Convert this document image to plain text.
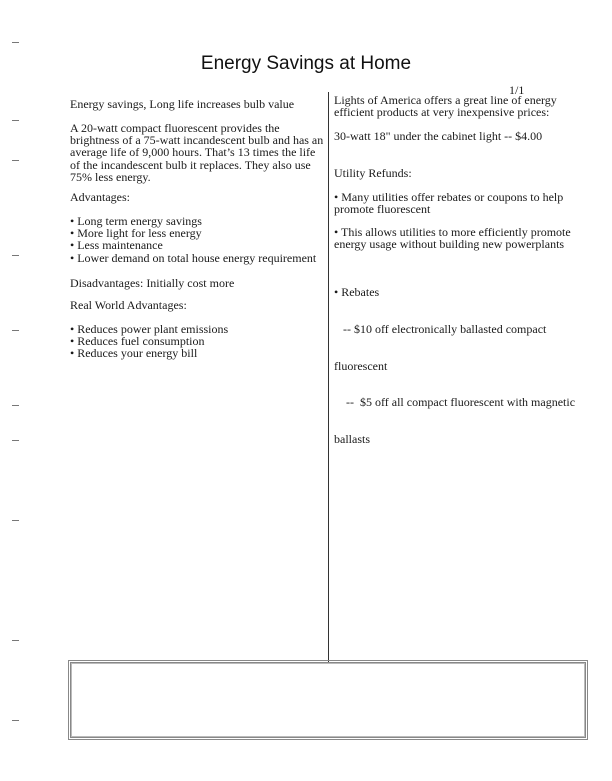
Energy Savings at Home
1/1
Energy savings, Long life increases bulb value
A 20-watt compact fluorescent provides the
brightness of a 75-watt incandescent bulb and has an
average life of 9,000 hours. That’s 13 times the life
of the incandescent bulb it replaces. They also use
75% less energy.
Advantages:
• Long term energy savings
• More light for less energy
• Less maintenance
• Lower demand on total house energy requirement
Disadvantages: Initially cost more
Real World Advantages:
• Reduces power plant emissions
• Reduces fuel consumption
• Reduces your energy bill
Lights of America offers a great line of energy
efficient products at very inexpensive prices:
30-watt 18" under the cabinet light -- $4.00
Utility Refunds:
• Many utilities offer rebates or coupons to help
promote fluorescent
• This allows utilities to more efficiently promote
energy usage without building new powerplants

• Rebates

-- $10 off electronically ballasted compact

fluorescent

--  $5 off all compact fluorescent with magnetic

ballasts
